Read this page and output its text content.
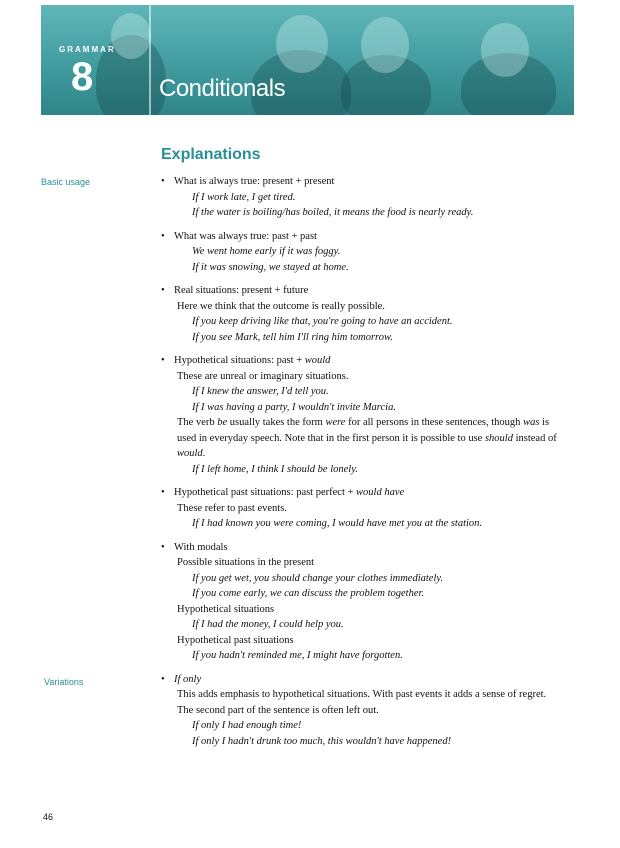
GRAMMAR
8	Conditionals
Explanations
Basic usage
Variations
• What is always true: present + present
If I work late, I get tired.
If the water is boiling/has boiled, it means the food is nearly ready.
• What was always true: past + past
We went home early if it was foggy.
If it was snowing, we stayed at home.
• Real situations: present + future
Here we think that the outcome is really possible.
If you keep driving like that, you're going to have an accident.
If you see Mark, tell him I'll ring him tomorrow.
• Hypothetical situations: past + would
These are unreal or imaginary situations.
If I knew the answer, I'd tell you.
If I was having a party, I wouldn't invite Marcia.
The verb be usually takes the form were for all persons in these sentences, though was is used in everyday speech. Note that in the first person it is possible to use should instead of would.
If I left home, I think I should be lonely.
• Hypothetical past situations: past perfect + would have
These refer to past events.
If I had known you were coming, I would have met you at the station.
• With modals
Possible situations in the present
If you get wet, you should change your clothes immediately.
If you come early, we can discuss the problem together.
Hypothetical situations
If I had the money, I could help you.
Hypothetical past situations
If you hadn't reminded me, I might have forgotten.
• If only
This adds emphasis to hypothetical situations. With past events it adds a sense of regret. The second part of the sentence is often left out.
If only I had enough time!
If only I hadn't drunk too much, this wouldn't have happened!
46
